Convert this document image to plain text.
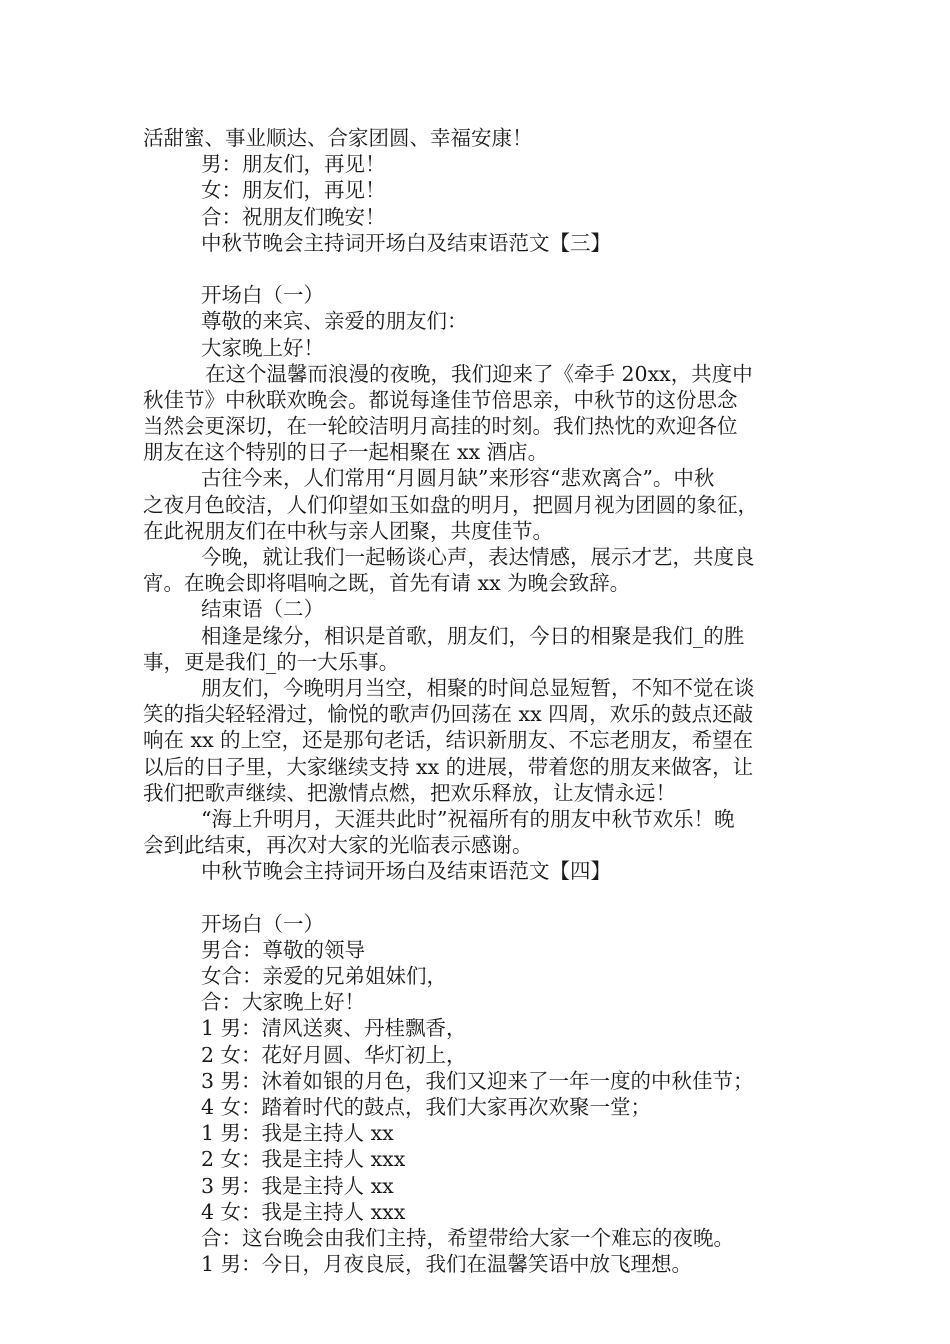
活甜蜜、事业顺达、合家团圆、幸福安康！
男：朋友们，再见！
女：朋友们，再见！
合：祝朋友们晚安！
中秋节晚会主持词开场白及结束语范文【三】
开场白（一）
尊敬的来宾、亲爱的朋友们：
大家晚上好！
在这个温馨而浪漫的夜晚，我们迎来了《牵手 20xx，共度中
秋佳节》中秋联欢晚会。都说每逢佳节倍思亲，中秋节的这份思念
当然会更深切，在一轮皎洁明月高挂的时刻。我们热忱的欢迎各位
朋友在这个特别的日子一起相聚在 xx 酒店。
古往今来，人们常用“月圆月缺”来形容“悲欢离合”。中秋
之夜月色皎洁，人们仰望如玉如盘的明月，把圆月视为团圆的象征，
在此祝朋友们在中秋与亲人团聚，共度佳节。
今晚，就让我们一起畅谈心声，表达情感，展示才艺，共度良
宵。在晚会即将唱响之既，首先有请 xx 为晚会致辞。
结束语（二）
相逢是缘分，相识是首歌，朋友们，今日的相聚是我们_的胜
事，更是我们_的一大乐事。
朋友们，今晚明月当空，相聚的时间总显短暂，不知不觉在谈
笑的指尖轻轻滑过，愉悦的歌声仍回荡在 xx 四周，欢乐的鼓点还敲
响在 xx 的上空，还是那句老话，结识新朋友、不忘老朋友，希望在
以后的日子里，大家继续支持 xx 的进展，带着您的朋友来做客，让
我们把歌声继续、把激情点燃，把欢乐释放，让友情永远！
“海上升明月，天涯共此时”祝福所有的朋友中秋节欢乐！晚
会到此结束，再次对大家的光临表示感谢。
中秋节晚会主持词开场白及结束语范文【四】
开场白（一）
男合：尊敬的领导
女合：亲爱的兄弟姐妹们，
合：大家晚上好！
1 男：清风送爽、丹桂飘香，
2 女：花好月圆、华灯初上，
3 男：沐着如银的月色，我们又迎来了一年一度的中秋佳节；
4 女：踏着时代的鼓点，我们大家再次欢聚一堂；
1 男：我是主持人 xx
2 女：我是主持人 xxx
3 男：我是主持人 xx
4 女：我是主持人 xxx
合：这台晚会由我们主持，希望带给大家一个难忘的夜晚。
1 男：今日，月夜良辰，我们在温馨笑语中放飞理想。
